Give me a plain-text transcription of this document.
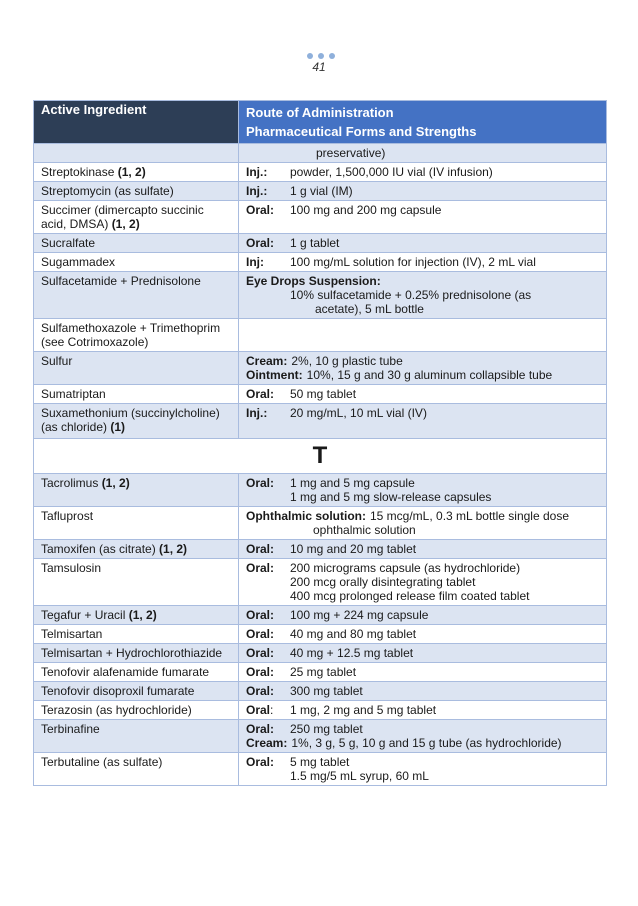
41
Active Ingredient	Route of Administration
Pharmaceutical Forms and Strengths

	preservative)

Streptokinase (1, 2)	Inj.: powder, 1,500,000 IU vial (IV infusion)

Streptomycin (as sulfate)	Inj.: 1 g vial (IM)

Succimer (dimercapto succinic acid, DMSA) (1, 2)	Oral: 100 mg and 200 mg capsule

Sucralfate	Oral: 1 g tablet

Sugammadex	Inj: 100 mg/mL solution for injection (IV), 2 mL vial

Sulfacetamide + Prednisolone	Eye Drops Suspension:
10% sulfacetamide + 0.25% prednisolone (as
acetate), 5 mL bottle

Sulfamethoxazole + Trimethoprim (see Cotrimoxazole)	
Sulfur	Cream: 2%, 10 g plastic tube
Ointment: 10%, 15 g and 30 g aluminum collapsible tube

Sumatriptan	Oral: 50 mg tablet

Suxamethonium (succinylcholine) (as chloride) (1)	Inj.: 20 mg/mL, 10 mL vial (IV)

T	
Tacrolimus (1, 2)	Oral: 1 mg and 5 mg capsule
1 mg and 5 mg slow-release capsules

Tafluprost	Ophthalmic solution: 15 mcg/mL, 0.3 mL bottle single dose
ophthalmic solution

Tamoxifen (as citrate) (1, 2)	Oral: 10 mg and 20 mg tablet

Tamsulosin	Oral: 200 micrograms capsule (as hydrochloride)
200 mcg orally disintegrating tablet
400 mcg prolonged release film coated tablet

Tegafur + Uracil (1, 2)	Oral: 100 mg + 224 mg capsule

Telmisartan	Oral: 40 mg and 80 mg tablet

Telmisartan + Hydrochlorothiazide	Oral: 40 mg + 12.5 mg tablet

Tenofovir alafenamide fumarate	Oral: 25 mg tablet

Tenofovir disoproxil fumarate	Oral: 300 mg tablet

Terazosin (as hydrochloride)	Oral: 1 mg, 2 mg and 5 mg tablet

Terbinafine	Oral: 250 mg tablet
Cream: 1%, 3 g, 5 g, 10 g and 15 g tube (as hydrochloride)

Terbutaline (as sulfate)	Oral: 5 mg tablet
1.5 mg/5 mL syrup, 60 mL
